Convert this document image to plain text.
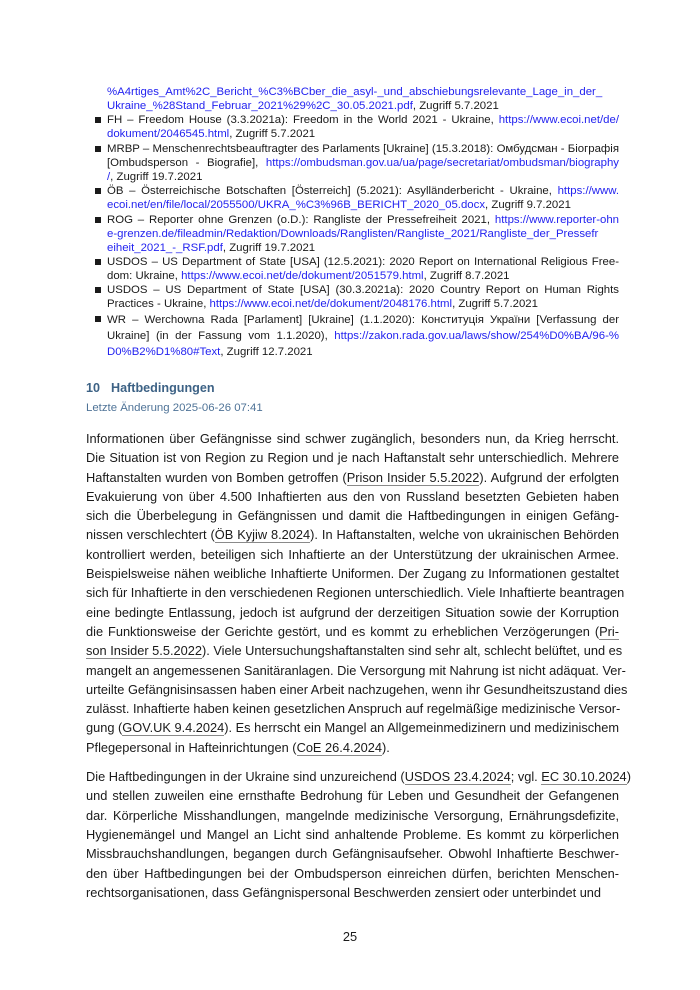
%A4rtiges_Amt%2C_Bericht_%C3%BCber_die_asyl-_und_abschiebungsrelevante_Lage_in_der_
Ukraine_%28Stand_Februar_2021%29%2C_30.05.2021.pdf, Zugriff 5.7.2021
FH – Freedom House (3.3.2021a): Freedom in the World 2021 - Ukraine, https://www.ecoi.net/de/
dokument/2046545.html, Zugriff 5.7.2021
MRBP – Menschenrechtsbeauftragter des Parlaments [Ukraine] (15.3.2018): Омбудсман - Біографія
[Ombudsperson - Biografie], https://ombudsman.gov.ua/ua/page/secretariat/ombudsman/biography
/, Zugriff 19.7.2021
ÖB – Österreichische Botschaften [Österreich] (5.2021): Asylländerbericht - Ukraine, https://www.
ecoi.net/en/file/local/2055500/UKRA_%C3%96B_BERICHT_2020_05.docx, Zugriff 9.7.2021
ROG – Reporter ohne Grenzen (o.D.): Rangliste der Pressefreiheit 2021, https://www.reporter-ohn
e-grenzen.de/fileadmin/Redaktion/Downloads/Ranglisten/Rangliste_2021/Rangliste_der_Pressefr
eiheit_2021_-_RSF.pdf, Zugriff 19.7.2021
USDOS – US Department of State [USA] (12.5.2021): 2020 Report on International Religious Free-
dom: Ukraine, https://www.ecoi.net/de/dokument/2051579.html, Zugriff 8.7.2021
USDOS – US Department of State [USA] (30.3.2021a): 2020 Country Report on Human Rights
Practices - Ukraine, https://www.ecoi.net/de/dokument/2048176.html, Zugriff 5.7.2021
WR – Werchowna Rada [Parlament] [Ukraine] (1.1.2020): Конституція України [Verfassung der
Ukraine] (in der Fassung vom 1.1.2020), https://zakon.rada.gov.ua/laws/show/254%D0%BA/96-%
D0%B2%D1%80#Text, Zugriff 12.7.2021
10 Haftbedingungen
Letzte Änderung 2025-06-26 07:41

Informationen über Gefängnisse sind schwer zugänglich, besonders nun, da Krieg herrscht.
Die Situation ist von Region zu Region und je nach Haftanstalt sehr unterschiedlich. Mehrere
Haftanstalten wurden von Bomben getroffen (Prison Insider 5.5.2022). Aufgrund der erfolgten
Evakuierung von über 4.500 Inhaftierten aus den von Russland besetzten Gebieten haben
sich die Überbelegung in Gefängnissen und damit die Haftbedingungen in einigen Gefäng-
nissen verschlechtert (ÖB Kyjiw 8.2024). In Haftanstalten, welche von ukrainischen Behörden
kontrolliert werden, beteiligen sich Inhaftierte an der Unterstützung der ukrainischen Armee.
Beispielsweise nähen weibliche Inhaftierte Uniformen. Der Zugang zu Informationen gestaltet
sich für Inhaftierte in den verschiedenen Regionen unterschiedlich. Viele Inhaftierte beantragen
eine bedingte Entlassung, jedoch ist aufgrund der derzeitigen Situation sowie der Korruption
die Funktionsweise der Gerichte gestört, und es kommt zu erheblichen Verzögerungen (Pri-
son Insider 5.5.2022). Viele Untersuchungshaftanstalten sind sehr alt, schlecht belüftet, und es
mangelt an angemessenen Sanitäranlagen. Die Versorgung mit Nahrung ist nicht adäquat. Ver-
urteilte Gefängnisinsassen haben einer Arbeit nachzugehen, wenn ihr Gesundheitszustand dies
zulässt. Inhaftierte haben keinen gesetzlichen Anspruch auf regelmäßige medizinische Versor-
gung (GOV.UK 9.4.2024). Es herrscht ein Mangel an Allgemeinmedizinern und medizinischem
Pflegepersonal in Hafteinrichtungen (CoE 26.4.2024).

Die Haftbedingungen in der Ukraine sind unzureichend (USDOS 23.4.2024; vgl. EC 30.10.2024)
und stellen zuweilen eine ernsthafte Bedrohung für Leben und Gesundheit der Gefangenen
dar. Körperliche Misshandlungen, mangelnde medizinische Versorgung, Ernährungsdefizite,
Hygienemängel und Mangel an Licht sind anhaltende Probleme. Es kommt zu körperlichen
Missbrauchshandlungen, begangen durch Gefängnisaufseher. Obwohl Inhaftierte Beschwer-
den über Haftbedingungen bei der Ombudsperson einreichen dürfen, berichten Menschen-
rechtsorganisationen, dass Gefängnispersonal Beschwerden zensiert oder unterbindet und

25
